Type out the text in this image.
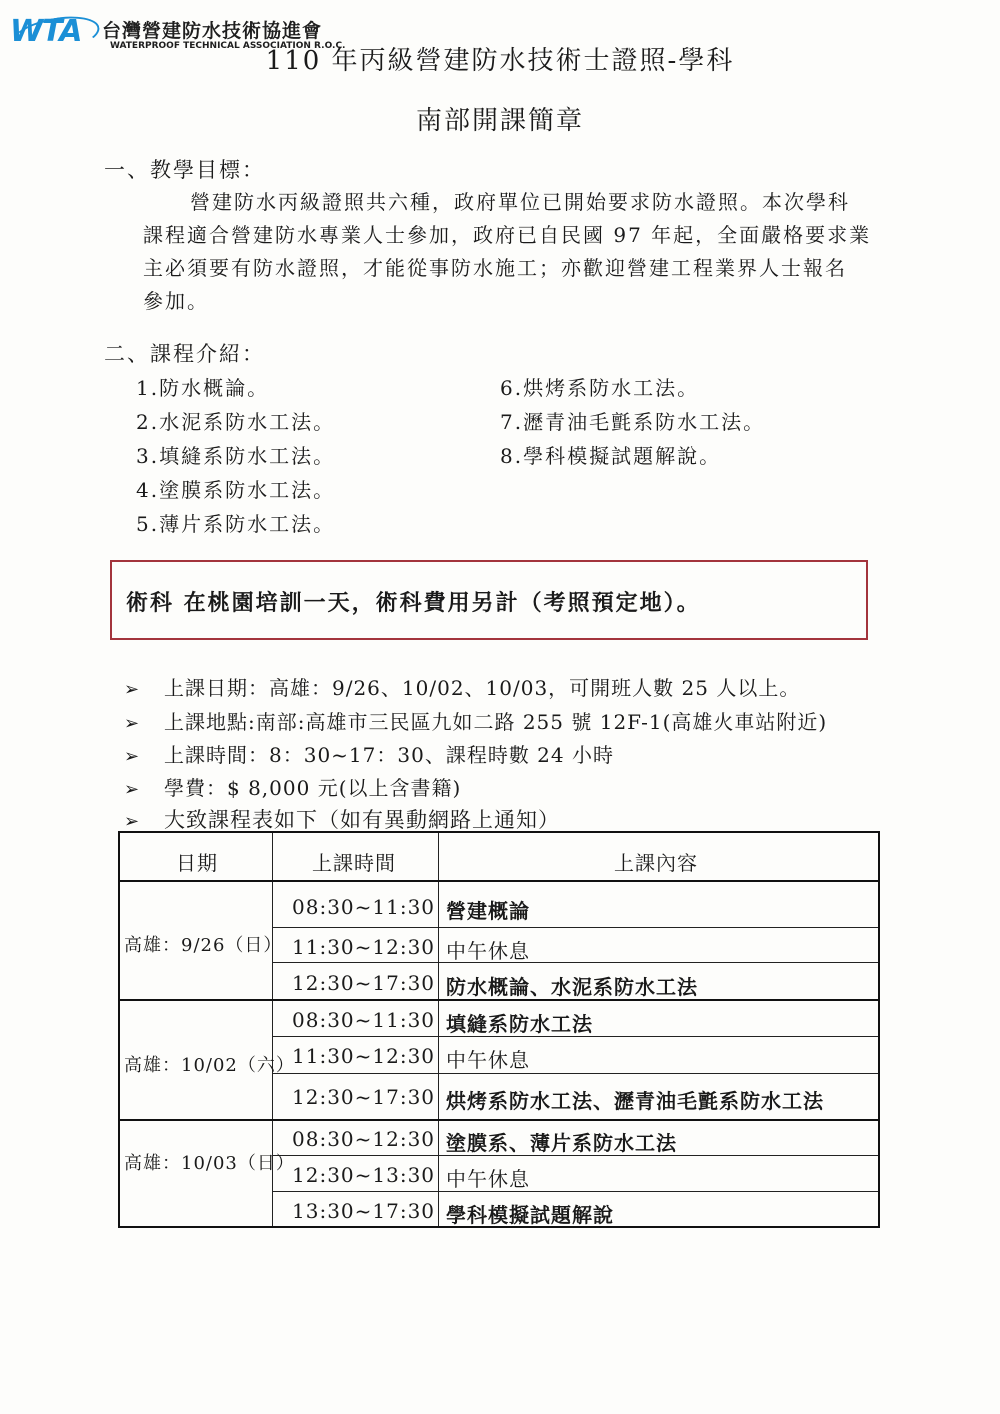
WTA	台灣營建防水技術協進會
WATERPROOF TECHNICAL ASSOCIATION R.O.C.
110 年丙級營建防水技術士證照-學科
南部開課簡章
一、教學目標：
營建防水丙級證照共六種，政府單位已開始要求防水證照。本次學科
課程適合營建防水專業人士參加，政府已自民國 97 年起，全面嚴格要求業
主必須要有防水證照，才能從事防水施工；亦歡迎營建工程業界人士報名
參加。
二、課程介紹：
1.防水概論。
2.水泥系防水工法。
3.填縫系防水工法。
4.塗膜系防水工法。
5.薄片系防水工法。
6.烘烤系防水工法。
7.瀝青油毛氈系防水工法。
8.學科模擬試題解說。
術科 在桃園培訓一天，術科費用另計（考照預定地）。
➢ 上課日期：高雄：9/26、10/02、10/03，可開班人數 25 人以上。
➢ 上課地點:南部:高雄市三民區九如二路 255 號 12F-1(高雄火車站附近)
➢ 上課時間：8：30~17：30、課程時數 24 小時
➢ 學費：$ 8,000 元(以上含書籍)
➢ 大致課程表如下（如有異動網路上通知）
日期	上課時間	上課內容
高雄：9/26（日）
08:30~11:30 營建概論
11:30~12:30 中午休息
12:30~17:30 防水概論、水泥系防水工法
高雄：10/02（六）
08:30~11:30 填縫系防水工法
11:30~12:30 中午休息
12:30~17:30 烘烤系防水工法、瀝青油毛氈系防水工法
高雄：10/03（日）
08:30~12:30 塗膜系、薄片系防水工法
12:30~13:30 中午休息
13:30~17:30 學科模擬試題解說
